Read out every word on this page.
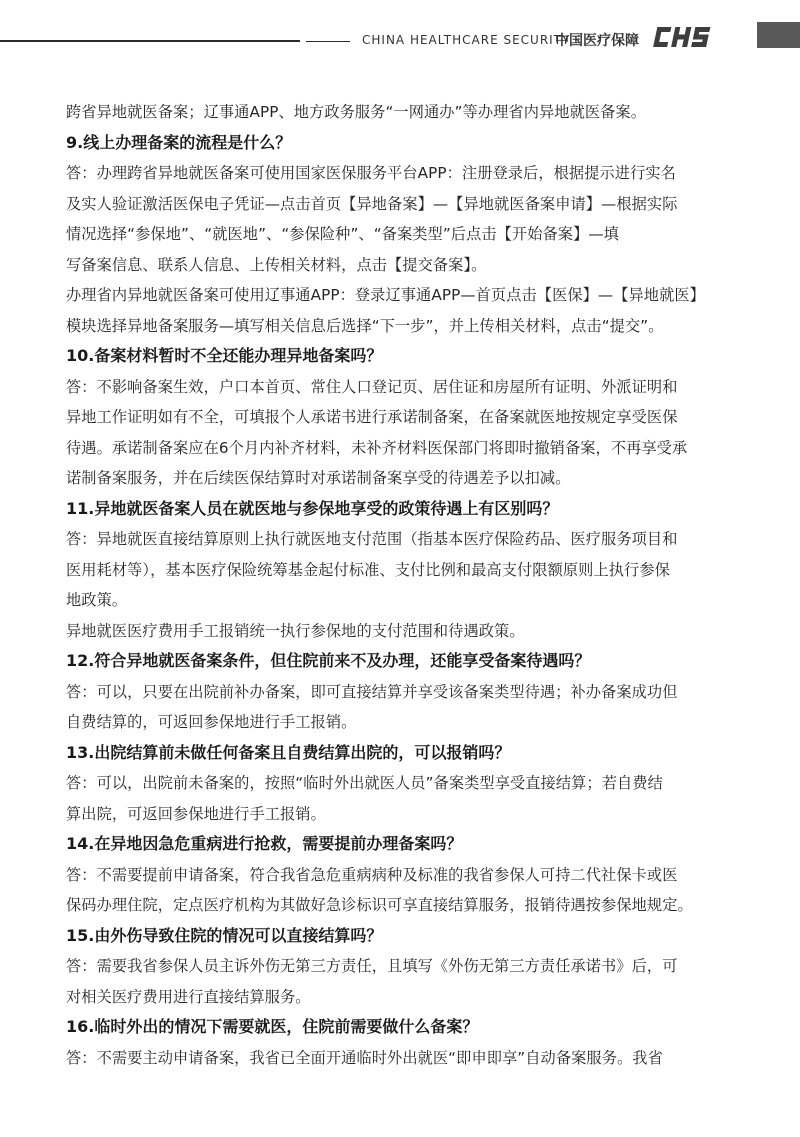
CHINA HEALTHCARE SECURITY
中国医疗保障
跨省异地就医备案；辽事通APP、地方政务服务“一网通办”等办理省内异地就医备案。
9.线上办理备案的流程是什么？
答：办理跨省异地就医备案可使用国家医保服务平台APP：注册登录后，根据提示进行实名
及实人验证激活医保电子凭证—点击首页【异地备案】—【异地就医备案申请】—根据实际
情况选择“参保地”、“就医地”、“参保险种”、“备案类型”后点击【开始备案】—填
写备案信息、联系人信息、上传相关材料，点击【提交备案】。
办理省内异地就医备案可使用辽事通APP：登录辽事通APP—首页点击【医保】—【异地就医】
模块选择异地备案服务—填写相关信息后选择“下一步”，并上传相关材料，点击“提交”。
10.备案材料暂时不全还能办理异地备案吗？
答：不影响备案生效，户口本首页、常住人口登记页、居住证和房屋所有证明、外派证明和
异地工作证明如有不全，可填报个人承诺书进行承诺制备案，在备案就医地按规定享受医保
待遇。承诺制备案应在6个月内补齐材料，未补齐材料医保部门将即时撤销备案，不再享受承
诺制备案服务，并在后续医保结算时对承诺制备案享受的待遇差予以扣减。
11.异地就医备案人员在就医地与参保地享受的政策待遇上有区别吗？
答：异地就医直接结算原则上执行就医地支付范围（指基本医疗保险药品、医疗服务项目和
医用耗材等），基本医疗保险统筹基金起付标准、支付比例和最高支付限额原则上执行参保
地政策。
异地就医医疗费用手工报销统一执行参保地的支付范围和待遇政策。
12.符合异地就医备案条件，但住院前来不及办理，还能享受备案待遇吗？
答：可以，只要在出院前补办备案，即可直接结算并享受该备案类型待遇；补办备案成功但
自费结算的，可返回参保地进行手工报销。
13.出院结算前未做任何备案且自费结算出院的，可以报销吗？
答：可以，出院前未备案的，按照“临时外出就医人员”备案类型享受直接结算；若自费结
算出院，可返回参保地进行手工报销。
14.在异地因急危重病进行抢救，需要提前办理备案吗？
答：不需要提前申请备案，符合我省急危重病病种及标准的我省参保人可持二代社保卡或医
保码办理住院，定点医疗机构为其做好急诊标识可享直接结算服务，报销待遇按参保地规定。
15.由外伤导致住院的情况可以直接结算吗？
答：需要我省参保人员主诉外伤无第三方责任，且填写《外伤无第三方责任承诺书》后，可
对相关医疗费用进行直接结算服务。
16.临时外出的情况下需要就医，住院前需要做什么备案？
答：不需要主动申请备案，我省已全面开通临时外出就医“即申即享”自动备案服务。我省
